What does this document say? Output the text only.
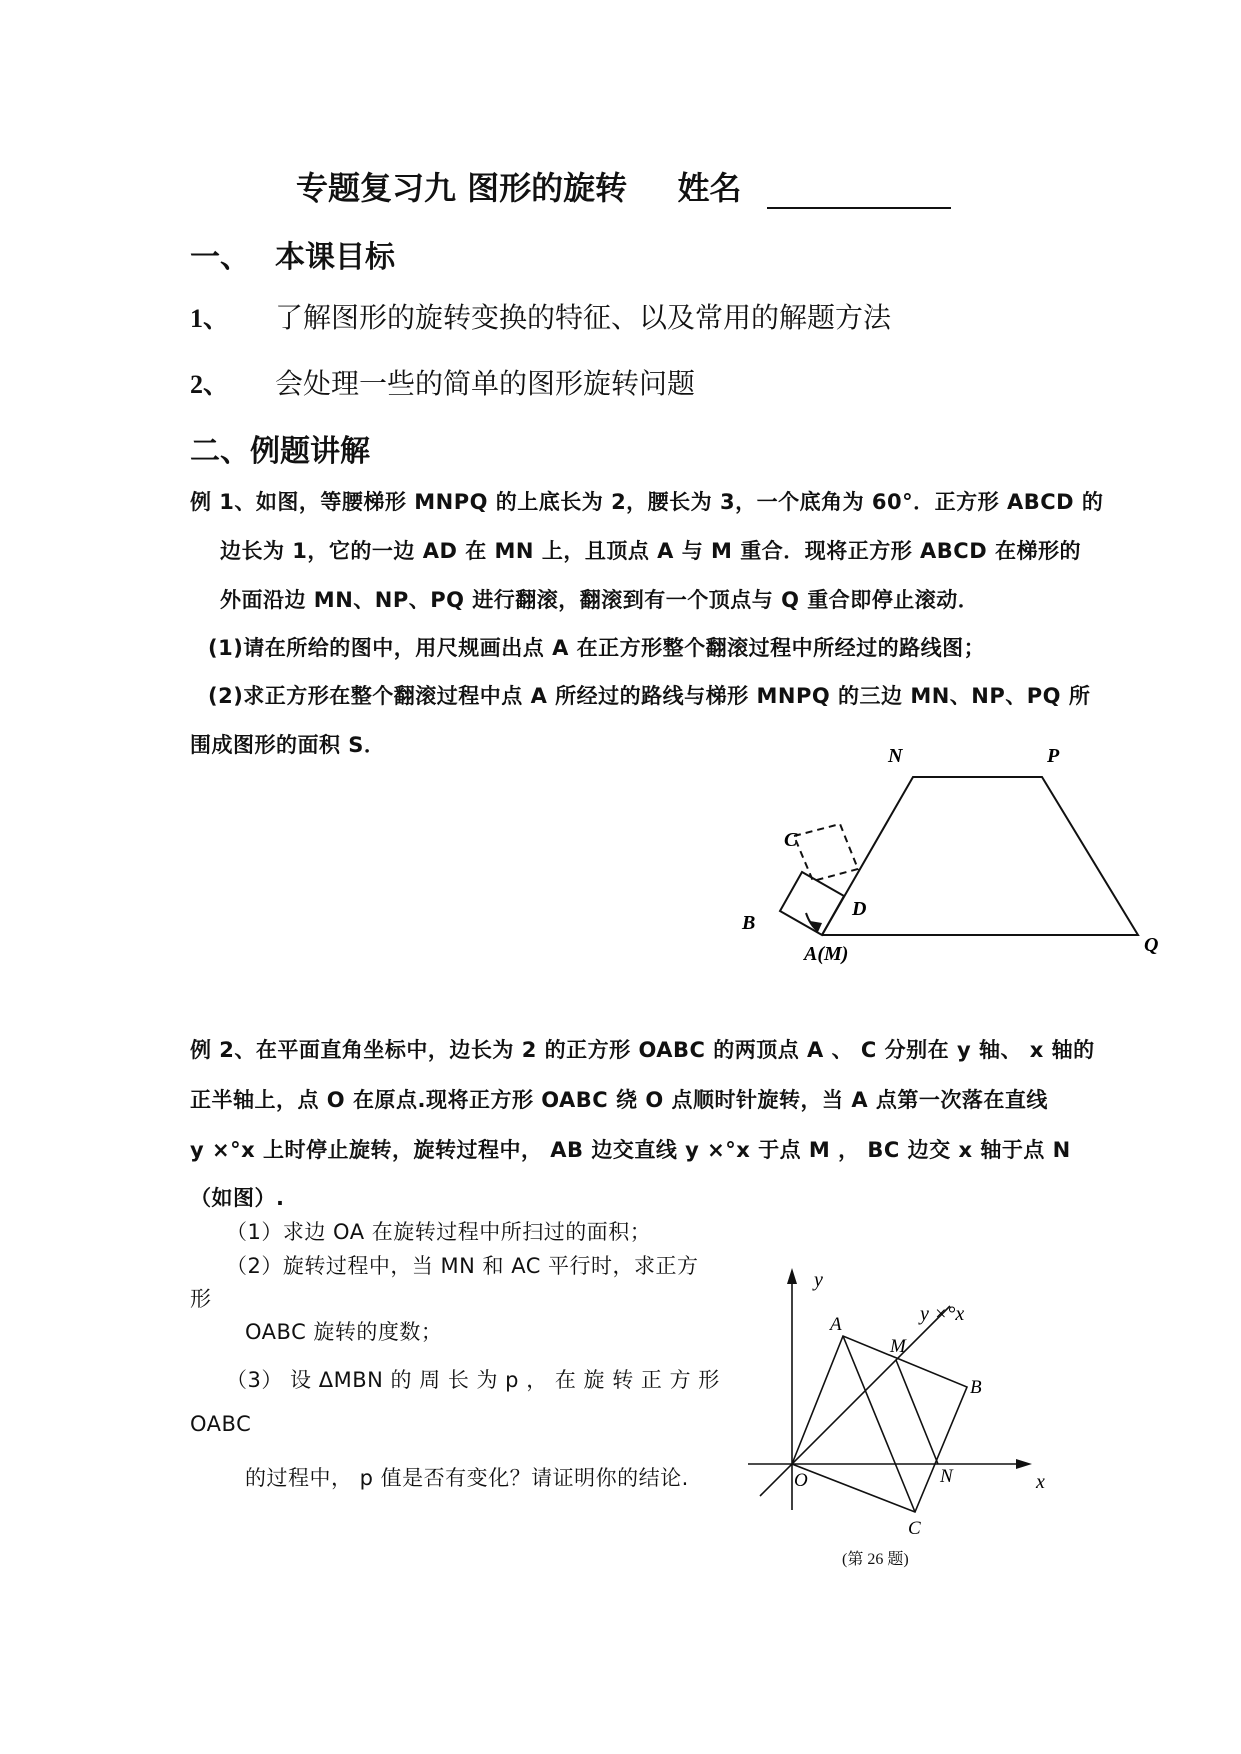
专题复习九 图形的旋转 姓名
一、 本课目标
1、 了解图形的旋转变换的特征、以及常用的解题方法
2、 会处理一些的简单的图形旋转问题
二、例题讲解
例 1、如图，等腰梯形 MNPQ 的上底长为 2，腰长为 3，一个底角为 60°．正方形 ABCD 的
边长为 1，它的一边 AD 在 MN 上，且顶点 A 与 M 重合．现将正方形 ABCD 在梯形的
外面沿边 MN、NP、PQ 进行翻滚，翻滚到有一个顶点与 Q 重合即停止滚动．
(1)请在所给的图中，用尺规画出点 A 在正方形整个翻滚过程中所经过的路线图；
(2)求正方形在整个翻滚过程中点 A 所经过的路线与梯形 MNPQ 的三边 MN、NP、PQ 所
围成图形的面积 S．	N	P
C
D
B
A(M)	Q
例 2、在平面直角坐标中，边长为 2 的正方形 OABC 的两顶点 A 、 C 分别在 y 轴、 x 轴的
正半轴上，点 O 在原点.现将正方形 OABC 绕 O 点顺时针旋转，当 A 点第一次落在直线
y ×°x 上时停止旋转，旋转过程中， AB 边交直线 y ×°x 于点 M ， BC 边交 x 轴于点 N
（如图）.
（1）求边 OA 在旋转过程中所扫过的面积；
（2）旋转过程中，当 MN 和 AC 平行时，求正方
形
OABC 旋转的度数；
（3） 设 ΔMBN 的 周 长 为 p ， 在 旋 转 正 方 形
OABC
的过程中， p 值是否有变化？请证明你的结论.
y
y ×°x
A
M
B
O	N
C
x
(第 26 题)
